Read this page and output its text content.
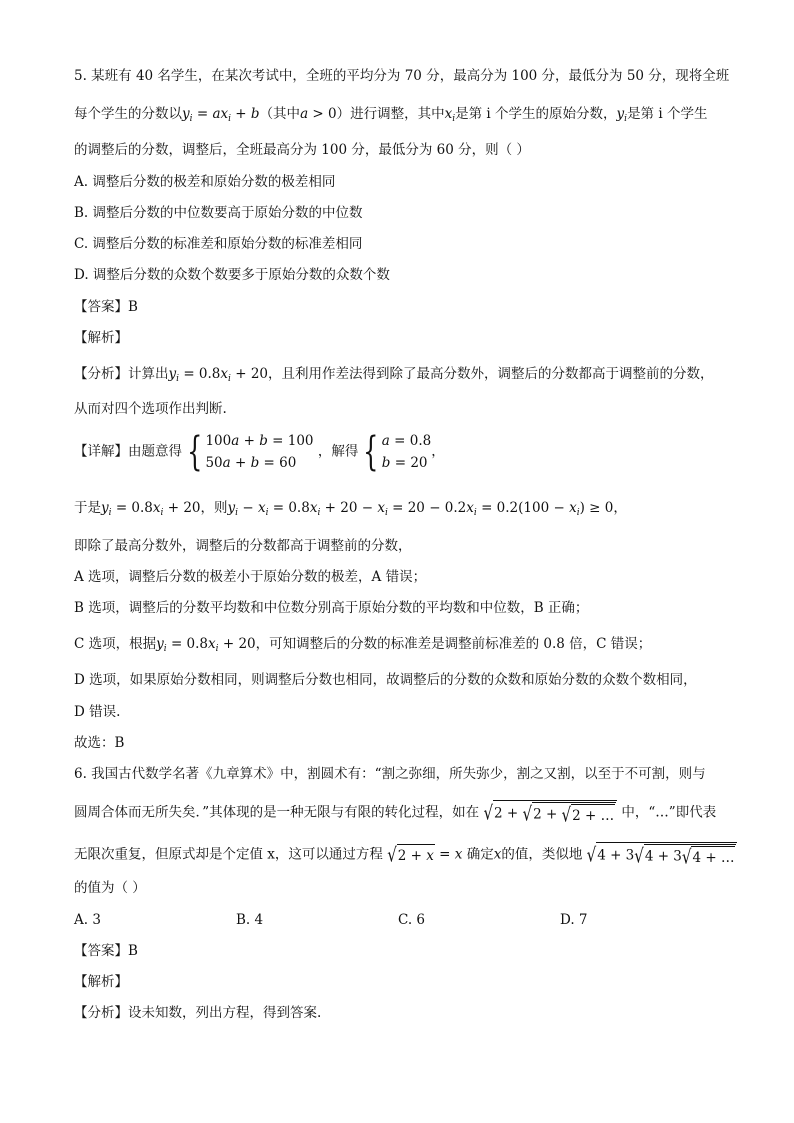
5. 某班有 40 名学生，在某次考试中，全班的平均分为 70 分，最高分为 100 分，最低分为 50 分，现将全班
每个学生的分数以$y_i = ax_i + b$（其中a > 0）进行调整，其中$x_i$是第 i 个学生的原始分数，$y_i$是第 i 个学生
的调整后的分数，调整后，全班最高分为 100 分，最低分为 60 分，则（ ）
A. 调整后分数的极差和原始分数的极差相同
B. 调整后分数的中位数要高于原始分数的中位数
C. 调整后分数的标准差和原始分数的标准差相同
D. 调整后分数的众数个数要多于原始分数的众数个数
【答案】B
【解析】
【分析】计算出$y_i = 0.8x_i + 20$，且利用作差法得到除了最高分数外，调整后的分数都高于调整前的分数，
从而对四个选项作出判断.
【详解】由题意得 { 100a + b = 100
50a + b = 60 ，解得 { a = 0.8
b = 20，
于是$y_i = 0.8x_i + 20$，则$y_i - x_i = 0.8x_i + 20 - x_i = 20 - 0.2x_i = 0.2(100 - x_i) \ge 0$，
即除了最高分数外，调整后的分数都高于调整前的分数，
A 选项，调整后分数的极差小于原始分数的极差，A 错误；
B 选项，调整后的分数平均数和中位数分别高于原始分数的平均数和中位数，B 正确；
C 选项，根据$y_i = 0.8x_i + 20$，可知调整后的分数的标准差是调整前标准差的 0.8 倍，C 错误；
D 选项，如果原始分数相同，则调整后分数也相同，故调整后的分数的众数和原始分数的众数个数相同，
D 错误.
故选：B
6. 我国古代数学名著《九章算术》中，割圆术有：“割之弥细，所失弥少，割之又割，以至于不可割，则与
圆周合体而无所失矣．”其体现的是一种无限与有限的转化过程，如在 √2 + √2 + √2 + … 中，“…”即代表
无限次重复，但原式却是个定值 x，这可以通过方程 √2 + x = x 确定x的值，类似地 √4 + 3√4 + 3√4 + …
的值为（ ）
A. 3	B. 4	C. 6	D. 7
【答案】B
【解析】
【分析】设未知数，列出方程，得到答案.
